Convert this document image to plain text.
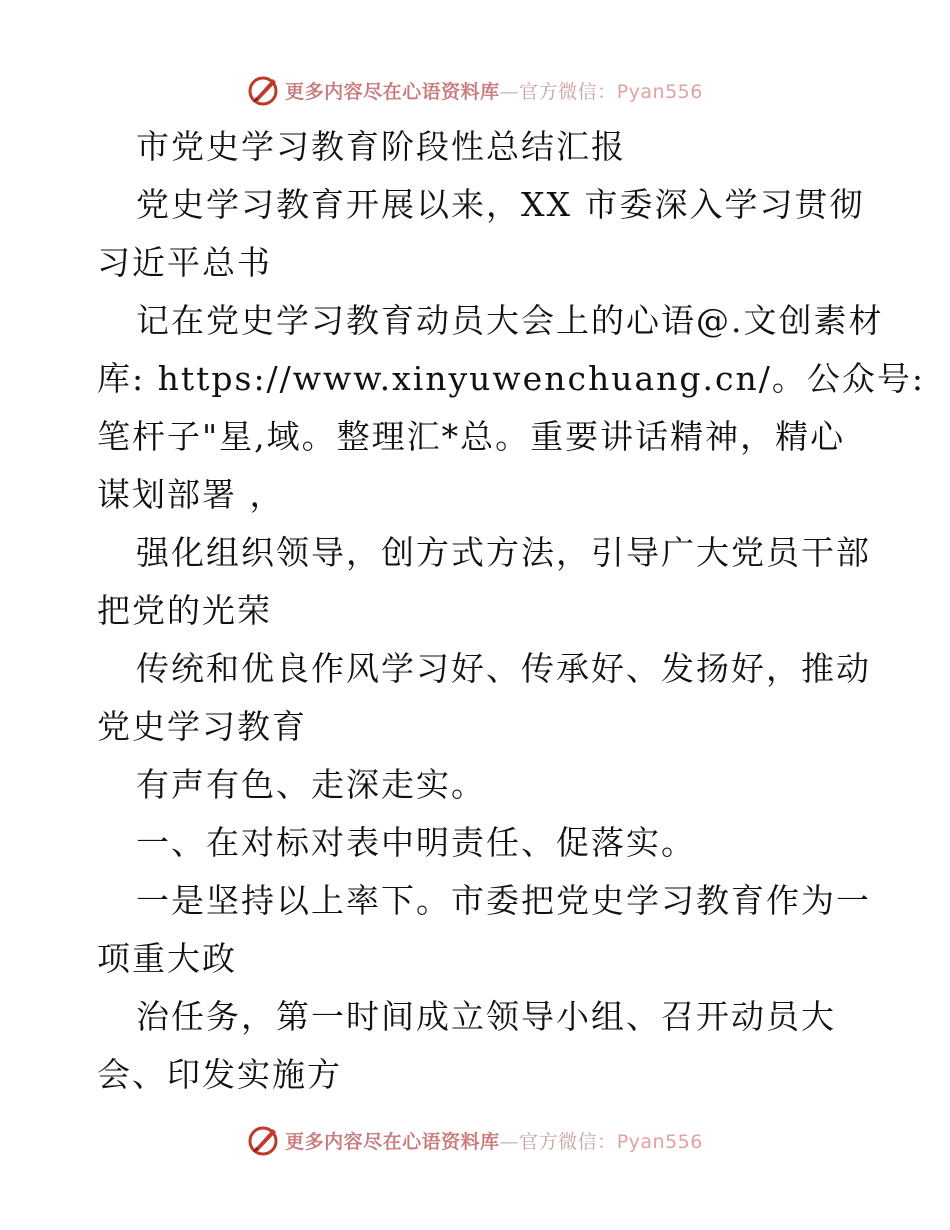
更多内容尽在心语资料库—官方微信：Pyan556
市党史学习教育阶段性总结汇报
党史学习教育开展以来，XX 市委深入学习贯彻
习近平总书
记在党史学习教育动员大会上的心语@.文创素材
库: https://www.xinyuwenchuang.cn/。公众号:
笔杆子"星,域。整理汇*总。重要讲话精神，精心
谋划部署 ，
强化组织领导，创方式方法，引导广大党员干部
把党的光荣
传统和优良作风学习好、传承好、发扬好，推动
党史学习教育
有声有色、走深走实。
一、在对标对表中明责任、促落实。
一是坚持以上率下。市委把党史学习教育作为一
项重大政
治任务，第一时间成立领导小组、召开动员大
会、印发实施方
更多内容尽在心语资料库—官方微信：Pyan556
